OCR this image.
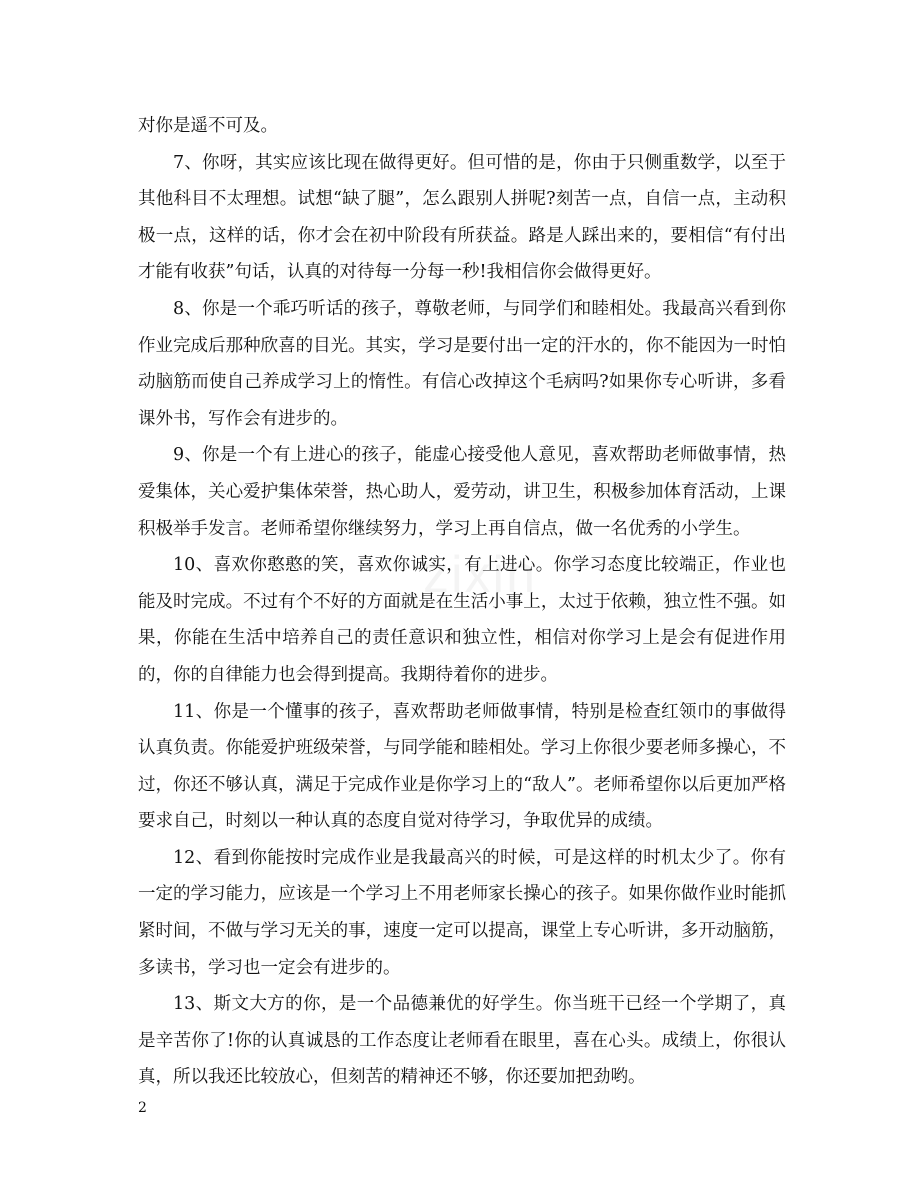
对你是遥不可及。

7、你呀，其实应该比现在做得更好。但可惜的是，你由于只侧重数学，以至于其他科目不太理想。试想“缺了腿”，怎么跟别人拼呢?刻苦一点，自信一点，主动积极一点，这样的话，你才会在初中阶段有所获益。路是人踩出来的，要相信“有付出才能有收获”句话，认真的对待每一分每一秒!我相信你会做得更好。

8、你是一个乖巧听话的孩子，尊敬老师，与同学们和睦相处。我最高兴看到你作业完成后那种欣喜的目光。其实，学习是要付出一定的汗水的，你不能因为一时怕动脑筋而使自己养成学习上的惰性。有信心改掉这个毛病吗?如果你专心听讲，多看课外书，写作会有进步的。

9、你是一个有上进心的孩子，能虚心接受他人意见，喜欢帮助老师做事情，热爱集体，关心爱护集体荣誉，热心助人，爱劳动，讲卫生，积极参加体育活动，上课积极举手发言。老师希望你继续努力，学习上再自信点，做一名优秀的小学生。

10、喜欢你憨憨的笑，喜欢你诚实，有上进心。你学习态度比较端正，作业也能及时完成。不过有个不好的方面就是在生活小事上，太过于依赖，独立性不强。如果，你能在生活中培养自己的责任意识和独立性，相信对你学习上是会有促进作用的，你的自律能力也会得到提高。我期待着你的进步。

11、你是一个懂事的孩子，喜欢帮助老师做事情，特别是检查红领巾的事做得认真负责。你能爱护班级荣誉，与同学能和睦相处。学习上你很少要老师多操心，不过，你还不够认真，满足于完成作业是你学习上的“敌人”。老师希望你以后更加严格要求自己，时刻以一种认真的态度自觉对待学习，争取优异的成绩。

12、看到你能按时完成作业是我最高兴的时候，可是这样的时机太少了。你有一定的学习能力，应该是一个学习上不用老师家长操心的孩子。如果你做作业时能抓紧时间，不做与学习无关的事，速度一定可以提高，课堂上专心听讲，多开动脑筋，多读书，学习也一定会有进步的。

13、斯文大方的你，是一个品德兼优的好学生。你当班干已经一个学期了，真是辛苦你了!你的认真诚恳的工作态度让老师看在眼里，喜在心头。成绩上，你很认真，所以我还比较放心，但刻苦的精神还不够，你还要加把劲哟。

2
